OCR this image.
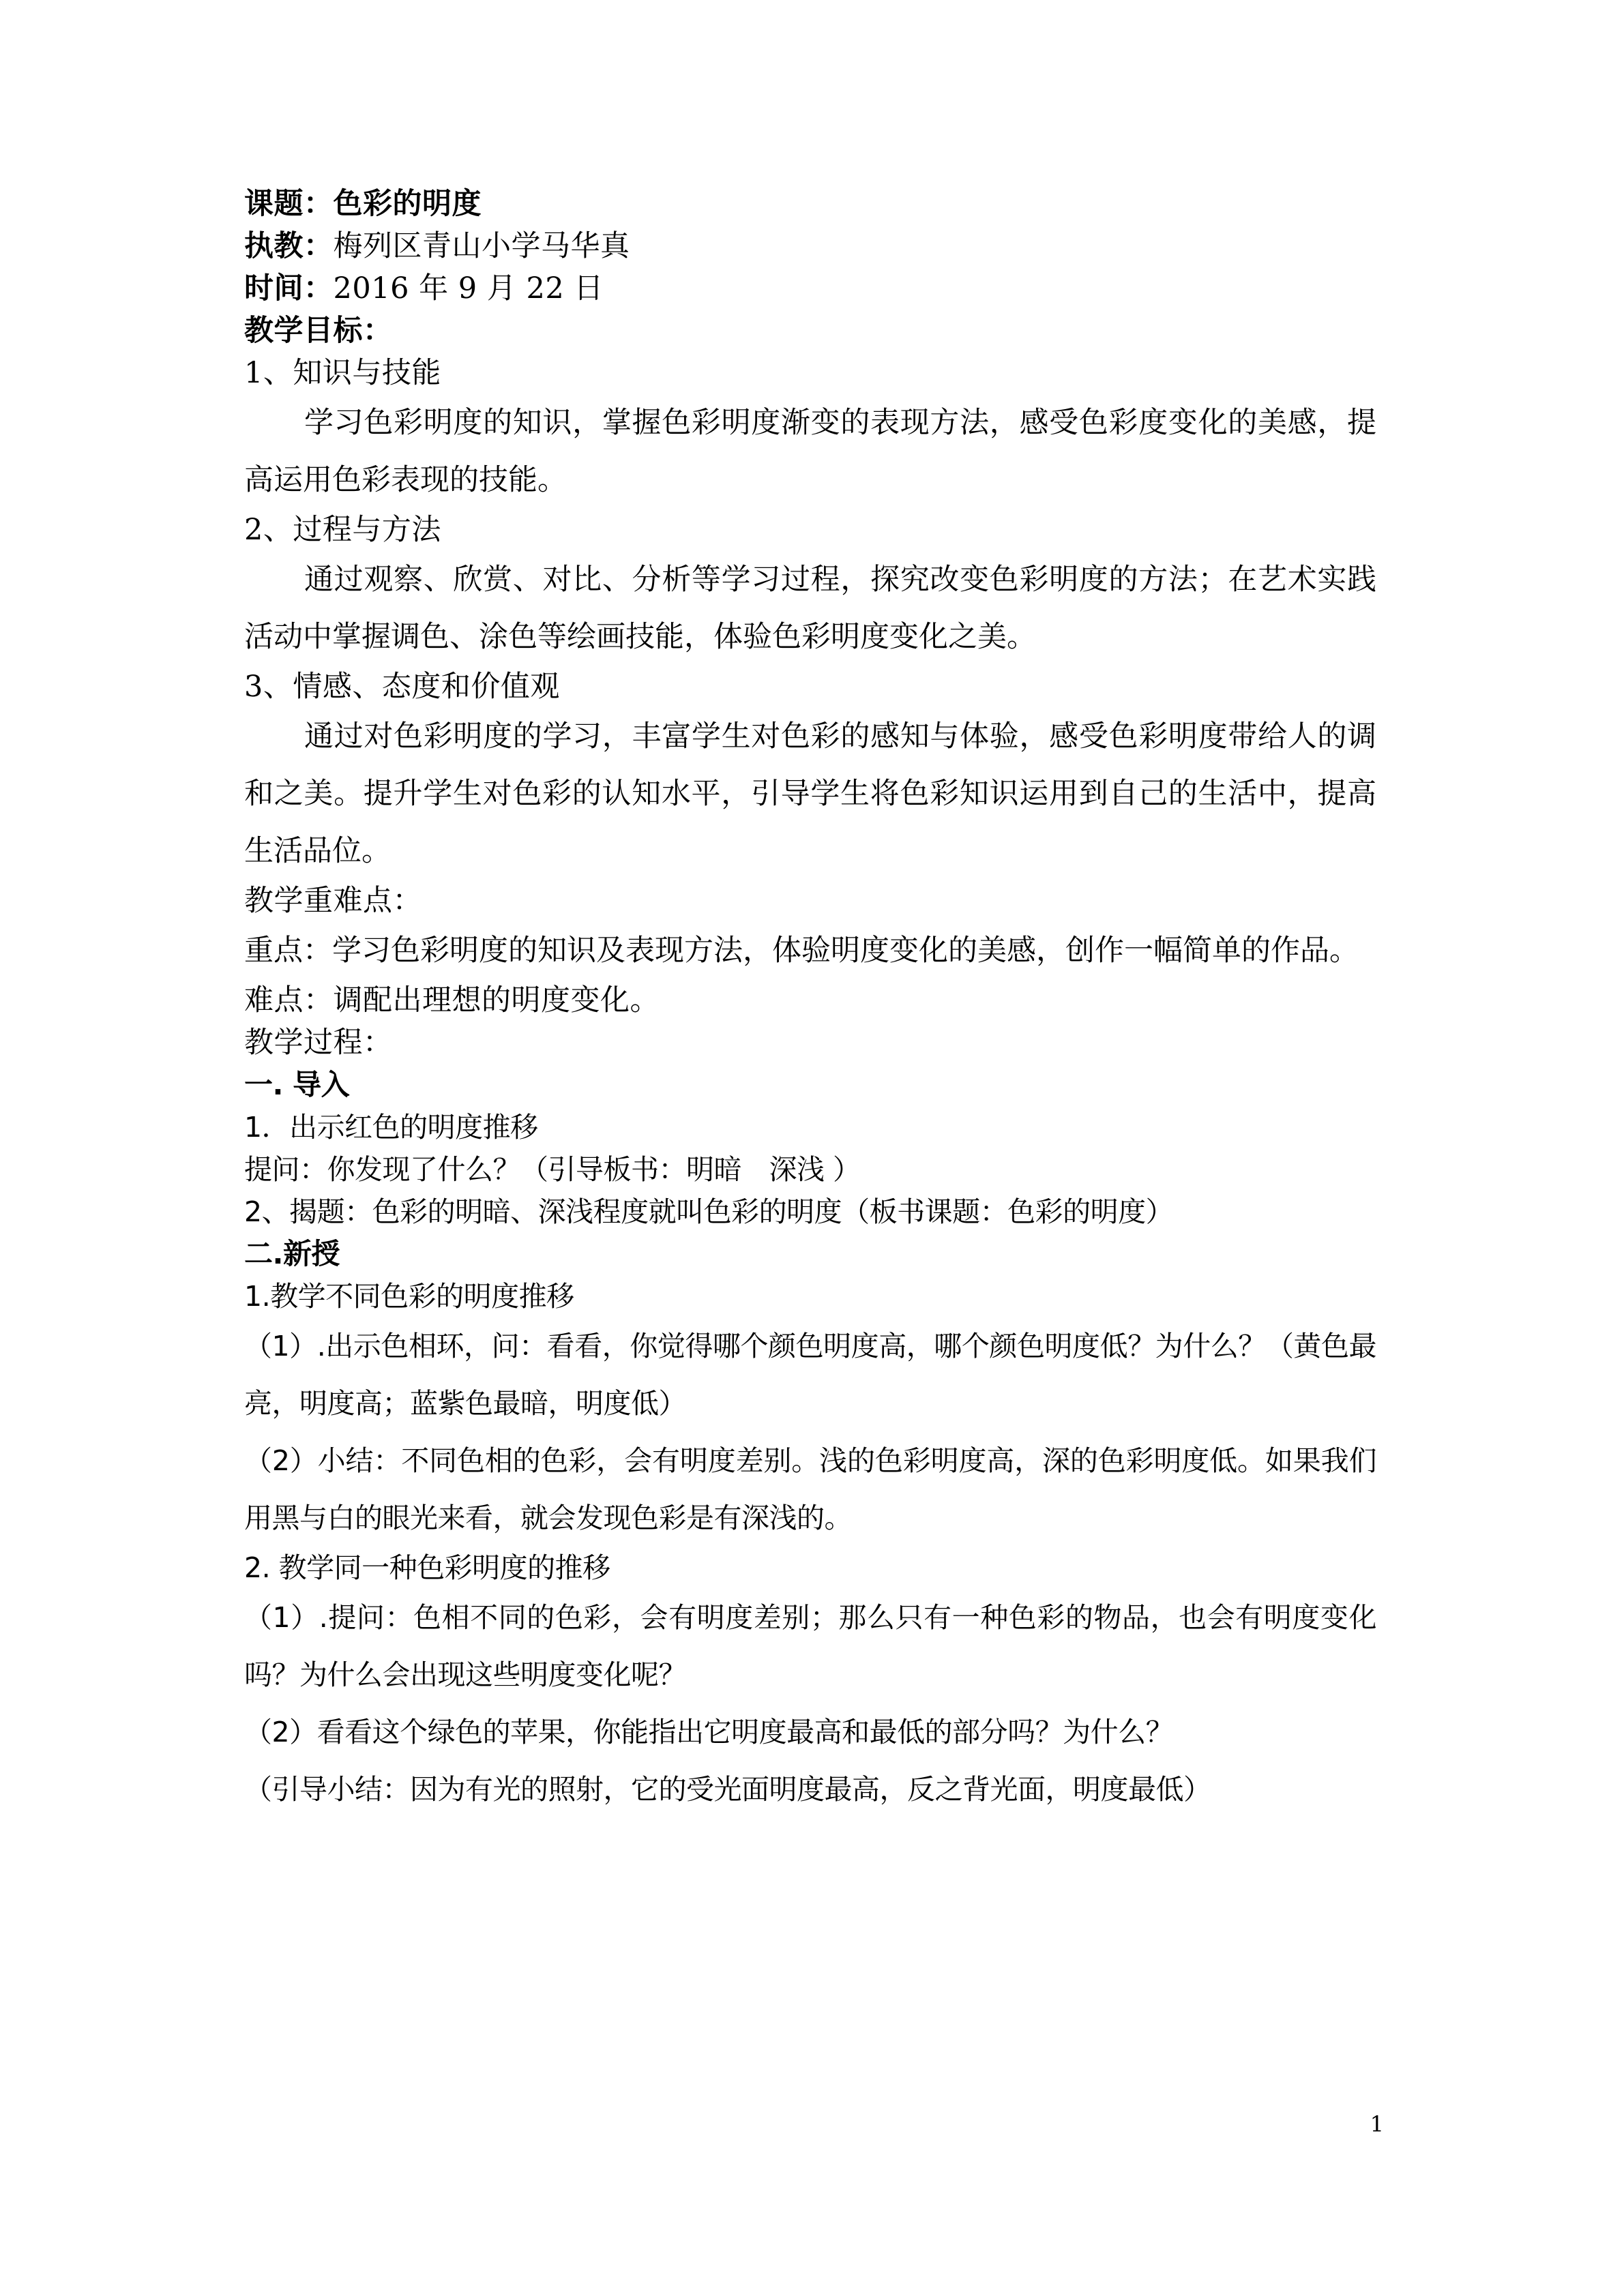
课题：色彩的明度

执教：梅列区青山小学马华真

时间：2016 年 9 月 22 日

教学目标：

1、知识与技能

学习色彩明度的知识，掌握色彩明度渐变的表现方法，感受色彩度变化的美感，提高运用色彩表现的技能。

2、过程与方法

通过观察、欣赏、对比、分析等学习过程，探究改变色彩明度的方法；在艺术实践活动中掌握调色、涂色等绘画技能，体验色彩明度变化之美。

3、情感、态度和价值观

通过对色彩明度的学习，丰富学生对色彩的感知与体验，感受色彩明度带给人的调和之美。提升学生对色彩的认知水平，引导学生将色彩知识运用到自己的生活中，提高生活品位。

教学重难点：

重点：学习色彩明度的知识及表现方法，体验明度变化的美感，创作一幅简单的作品。

难点：调配出理想的明度变化。

教学过程：

一. 导入

1．出示红色的明度推移

提问：你发现了什么？（引导板书：明暗　深浅 ）

2、揭题：色彩的明暗、深浅程度就叫色彩的明度（板书课题：色彩的明度）

二.新授

1.教学不同色彩的明度推移

（1）.出示色相环，问：看看，你觉得哪个颜色明度高，哪个颜色明度低？为什么？（黄色最亮，明度高；蓝紫色最暗，明度低）

（2）小结：不同色相的色彩，会有明度差别。浅的色彩明度高，深的色彩明度低。如果我们用黑与白的眼光来看，就会发现色彩是有深浅的。

2. 教学同一种色彩明度的推移

（1）.提问：色相不同的色彩，会有明度差别；那么只有一种色彩的物品，也会有明度变化吗？为什么会出现这些明度变化呢？

（2）看看这个绿色的苹果，你能指出它明度最高和最低的部分吗？为什么？

（引导小结：因为有光的照射，它的受光面明度最高，反之背光面，明度最低）

1
